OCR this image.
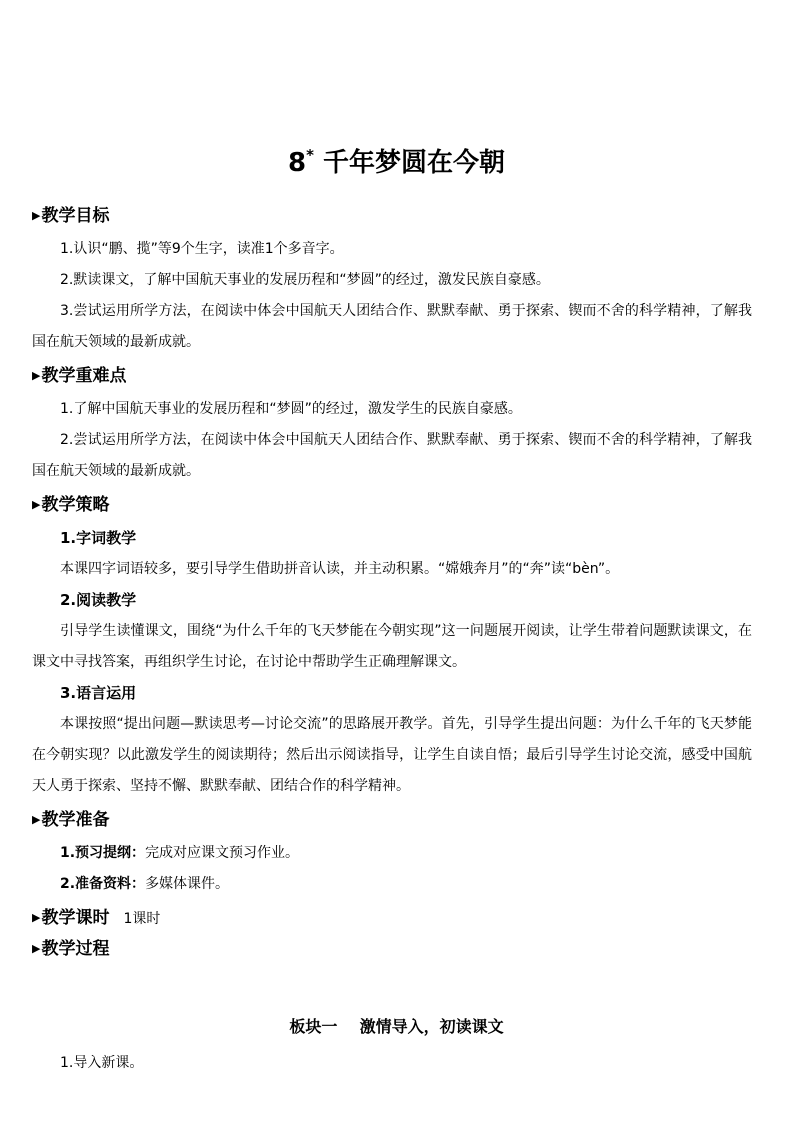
8* 千年梦圆在今朝
▶教学目标

1.认识“鹏、揽”等9个生字，读准1个多音字。

2.默读课文，了解中国航天事业的发展历程和“梦圆”的经过，激发民族自豪感。

3.尝试运用所学方法，在阅读中体会中国航天人团结合作、默默奉献、勇于探索、锲而不舍的科学精神，了解我国在航天领域的最新成就。

▶教学重难点

1.了解中国航天事业的发展历程和“梦圆”的经过，激发学生的民族自豪感。

2.尝试运用所学方法，在阅读中体会中国航天人团结合作、默默奉献、勇于探索、锲而不舍的科学精神，了解我国在航天领域的最新成就。

▶教学策略

1.字词教学

本课四字词语较多，要引导学生借助拼音认读，并主动积累。“嫦娥奔月”的“奔”读“bèn”。

2.阅读教学

引导学生读懂课文，围绕“为什么千年的飞天梦能在今朝实现”这一问题展开阅读，让学生带着问题默读课文，在课文中寻找答案，再组织学生讨论，在讨论中帮助学生正确理解课文。

3.语言运用

本课按照“提出问题—默读思考—讨论交流”的思路展开教学。首先，引导学生提出问题：为什么千年的飞天梦能在今朝实现？以此激发学生的阅读期待；然后出示阅读指导，让学生自读自悟；最后引导学生讨论交流，感受中国航天人勇于探索、坚持不懈、默默奉献、团结合作的科学精神。

▶教学准备

1.预习提纲：完成对应课文预习作业。

2.准备资料：多媒体课件。

▶教学课时 1课时
▶教学过程
板块一 激情导入，初读课文

1.导入新课。
